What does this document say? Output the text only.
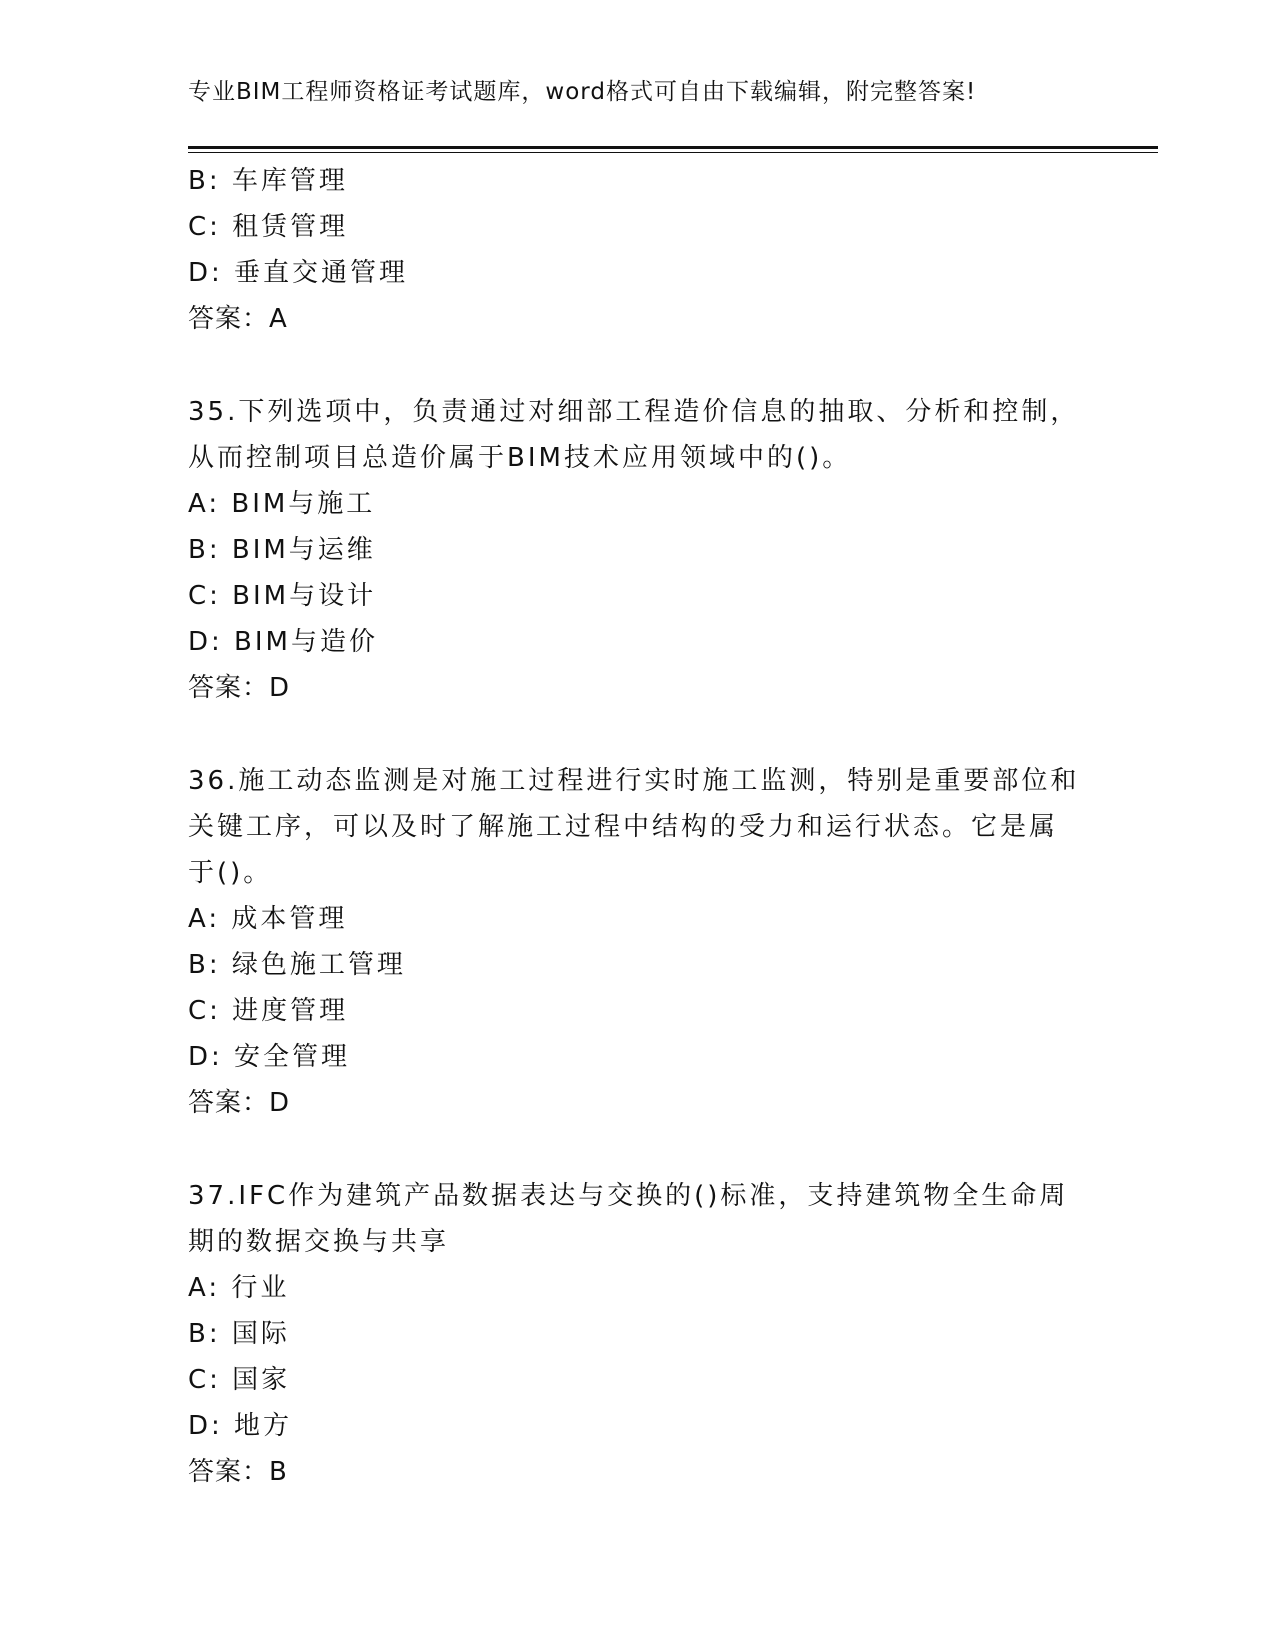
专业BIM工程师资格证考试题库，word格式可自由下载编辑，附完整答案!
B: 车库管理
C: 租赁管理
D: 垂直交通管理
答案：A
35.下列选项中，负责通过对细部工程造价信息的抽取、分析和控制，
从而控制项目总造价属于BIM技术应用领域中的()。
A: BIM与施工
B: BIM与运维
C: BIM与设计
D: BIM与造价
答案：D
36.施工动态监测是对施工过程进行实时施工监测，特别是重要部位和
关键工序，可以及时了解施工过程中结构的受力和运行状态。它是属
于()。
A: 成本管理
B: 绿色施工管理
C: 进度管理
D: 安全管理
答案：D
37.IFC作为建筑产品数据表达与交换的()标准，支持建筑物全生命周
期的数据交换与共享
A: 行业
B: 国际
C: 国家
D: 地方
答案：B
